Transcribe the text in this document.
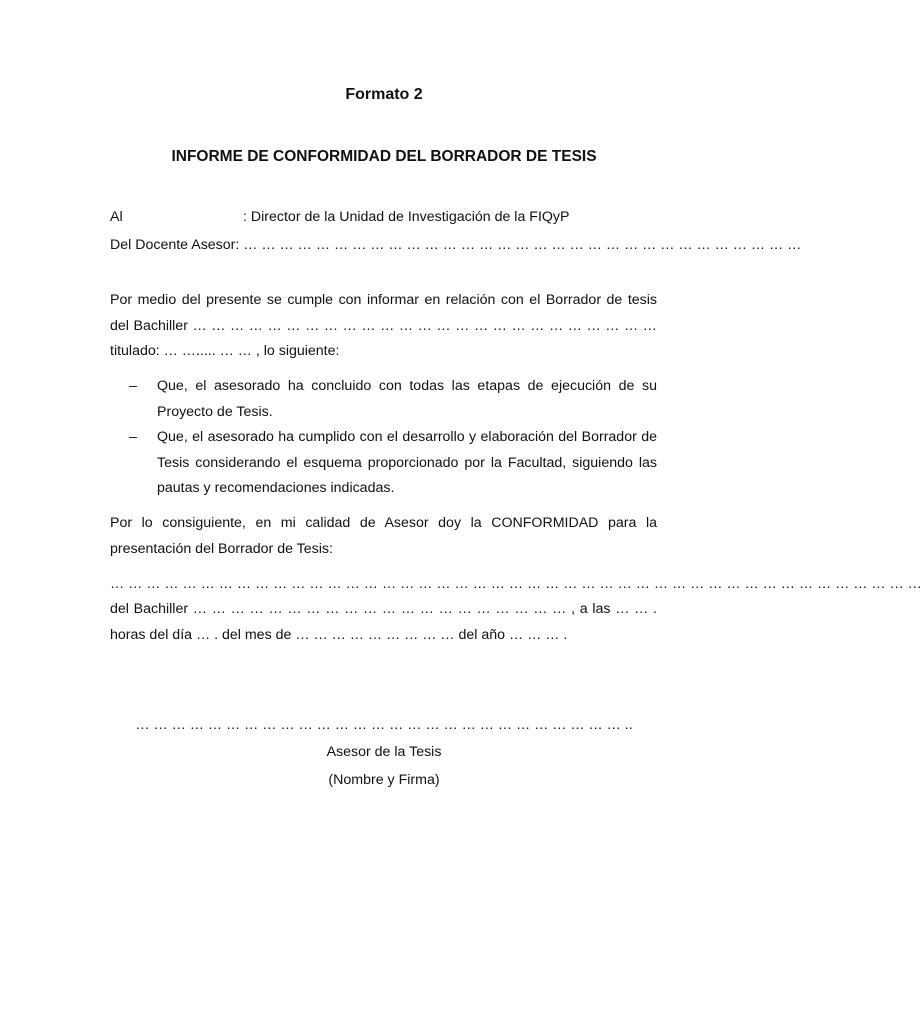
Formato 2
INFORME DE CONFORMIDAD DEL BORRADOR DE TESIS
Al	: Director de la Unidad de Investigación de la FIQyP
Del Docente Asesor: … … … … … … … … … … … … … … … … … … … … … … … … … … … … … … …
Por medio del presente se cumple con informar en relación con el Borrador de tesis del Bachiller … … … … … … … … … … … … … … … … … … … … … … … … … titulado: … …..... … … , lo siguiente:
– Que, el asesorado ha concluido con todas las etapas de ejecución de su Proyecto de Tesis.
– Que, el asesorado ha cumplido con el desarrollo y elaboración del Borrador de Tesis considerando el esquema proporcionado por la Facultad, siguiendo las pautas y recomendaciones indicadas.
Por lo consiguiente, en mi calidad de Asesor doy la CONFORMIDAD para la presentación del Borrador de Tesis:
… … … … … … … … … … … … … … … … … … … … … … … … … … … … … … … … … … … … … … … … … … … … …
del Bachiller … … … … … … … … … … … … … … … … … … … … , a las … … . horas del día … . del mes de … … … … … … … … … del año … … … .
… … … … … … … … … … … … … … … … … … … … … … … … … … … ..
Asesor de la Tesis
(Nombre y Firma)
